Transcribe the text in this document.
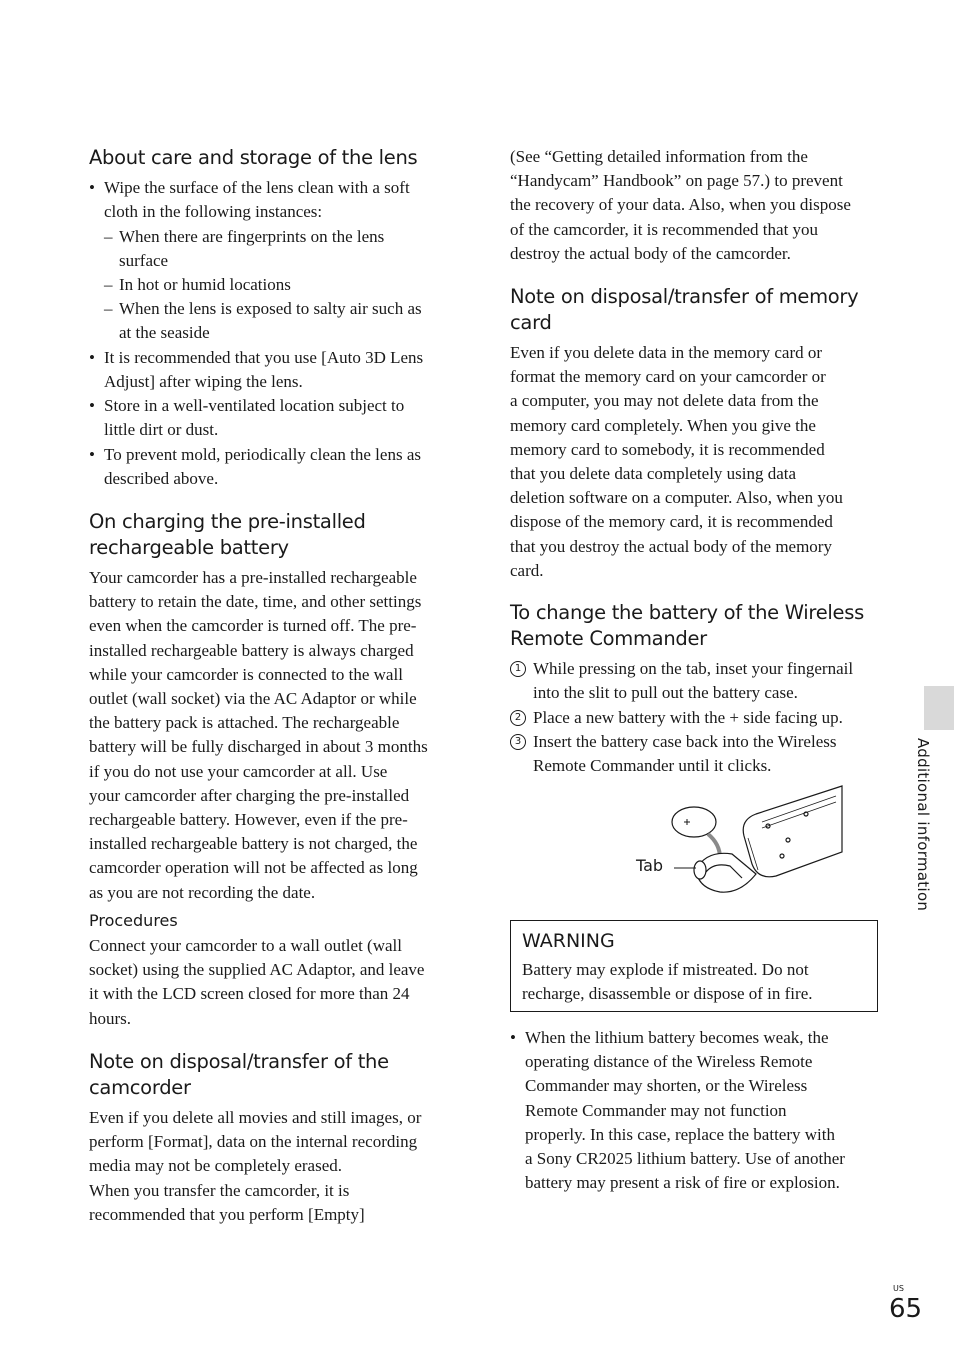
About care and storage of the lens
• Wipe the surface of the lens clean with a soft
cloth in the following instances:
– When there are fingerprints on the lens
surface
– In hot or humid locations
– When the lens is exposed to salty air such as
at the seaside
• It is recommended that you use [Auto 3D Lens
Adjust] after wiping the lens.
• Store in a well-ventilated location subject to
little dirt or dust.
• To prevent mold, periodically clean the lens as
described above.
On charging the pre-installed
rechargeable battery
Your camcorder has a pre-installed rechargeable
battery to retain the date, time, and other settings
even when the camcorder is turned off. The pre-
installed rechargeable battery is always charged
while your camcorder is connected to the wall
outlet (wall socket) via the AC Adaptor or while
the battery pack is attached. The rechargeable
battery will be fully discharged in about 3 months
if you do not use your camcorder at all. Use
your camcorder after charging the pre-installed
rechargeable battery. However, even if the pre-
installed rechargeable battery is not charged, the
camcorder operation will not be affected as long
as you are not recording the date.
Procedures
Connect your camcorder to a wall outlet (wall
socket) using the supplied AC Adaptor, and leave
it with the LCD screen closed for more than 24
hours.
Note on disposal/transfer of the
camcorder
Even if you delete all movies and still images, or
perform [Format], data on the internal recording
media may not be completely erased.
When you transfer the camcorder, it is
recommended that you perform [Empty]
(See “Getting detailed information from the
“Handycam” Handbook” on page 57.) to prevent
the recovery of your data. Also, when you dispose
of the camcorder, it is recommended that you
destroy the actual body of the camcorder.
Note on disposal/transfer of memory
card
Even if you delete data in the memory card or
format the memory card on your camcorder or
a computer, you may not delete data from the
memory card completely. When you give the
memory card to somebody, it is recommended
that you delete data completely using data
deletion software on a computer. Also, when you
dispose of the memory card, it is recommended
that you destroy the actual body of the memory
card.
To change the battery of the Wireless
Remote Commander
1 While pressing on the tab, inset your fingernail
into the slit to pull out the battery case.
2 Place a new battery with the + side facing up.
3 Insert the battery case back into the Wireless
Remote Commander until it clicks.
• When the lithium battery becomes weak, the
operating distance of the Wireless Remote
Commander may shorten, or the Wireless
Remote Commander may not function
properly. In this case, replace the battery with
a Sony CR2025 lithium battery. Use of another
battery may present a risk of fire or explosion.
Tab
WARNING
Battery may explode if mistreated. Do not
recharge, disassemble or dispose of in fire.
Additional information
US
65
